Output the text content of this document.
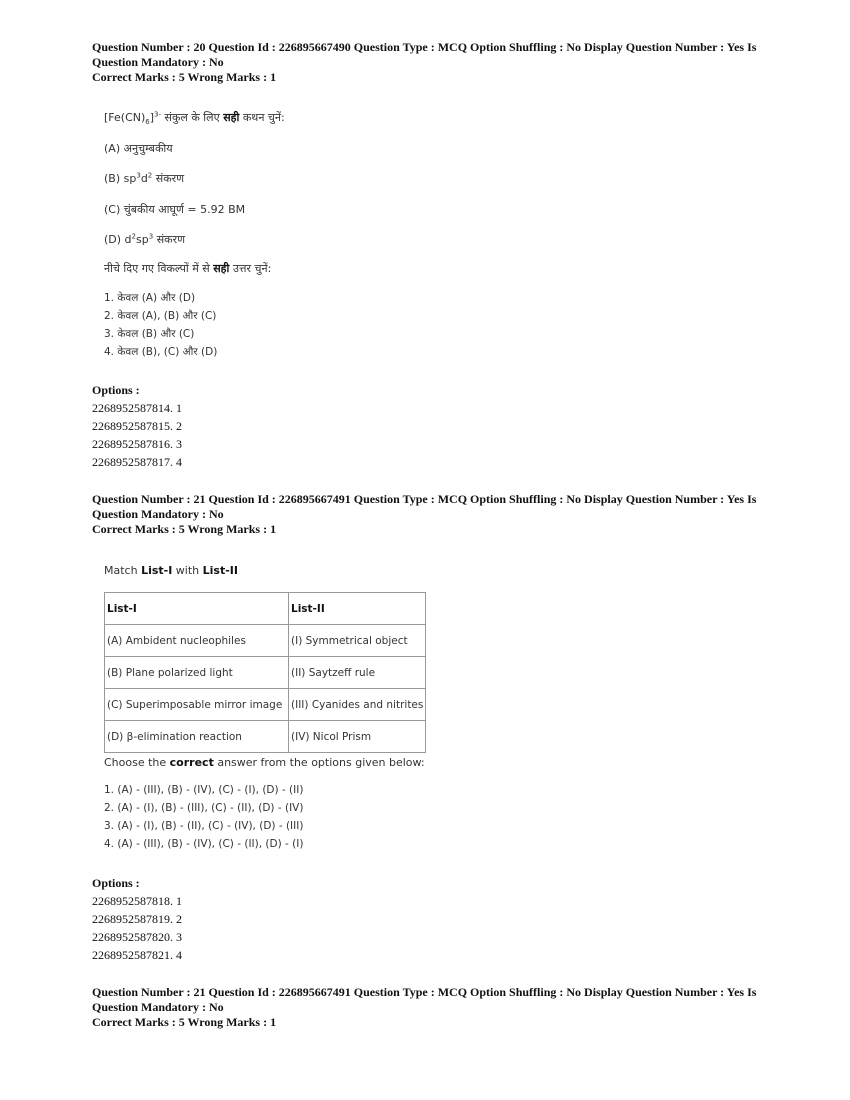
Question Number : 20 Question Id : 226895667490 Question Type : MCQ Option Shuffling : No Display Question Number : Yes Is
Question Mandatory : No
Correct Marks : 5 Wrong Marks : 1
$[Fe(CN)_6]^{3-}$ संकुल के लिए सही कथन चुनें:
(A) अनुचुम्बकीय
(B) $sp^3d^2$ संकरण
(C) चुंबकीय आघूर्ण = 5.92 BM
(D) $d^2sp^3$ संकरण
नीचे दिए गए विकल्पों में से सही उत्तर चुनें:
1. केवल (A) और (D)
2. केवल (A), (B) और (C)
3. केवल (B) और (C)
4. केवल (B), (C) और (D)
Options :
2268952587814. 1
2268952587815. 2
2268952587816. 3
2268952587817. 4
Question Number : 21 Question Id : 226895667491 Question Type : MCQ Option Shuffling : No Display Question Number : Yes Is
Question Mandatory : No
Correct Marks : 5 Wrong Marks : 1
Match List-I with List-II
List-I	List-II
(A) Ambident nucleophiles	(I) Symmetrical object
(B) Plane polarized light	(II) Saytzeff rule
(C) Superimposable mirror image	(III) Cyanides and nitrites
(D) β-elimination reaction	(IV) Nicol Prism
Choose the correct answer from the options given below:
1. (A) - (III), (B) - (IV), (C) - (I), (D) - (II)
2. (A) - (I), (B) - (III), (C) - (II), (D) - (IV)
3. (A) - (I), (B) - (II), (C) - (IV), (D) - (III)
4. (A) - (III), (B) - (IV), (C) - (II), (D) - (I)
Options :
2268952587818. 1
2268952587819. 2
2268952587820. 3
2268952587821. 4
Question Number : 21 Question Id : 226895667491 Question Type : MCQ Option Shuffling : No Display Question Number : Yes Is
Question Mandatory : No
Correct Marks : 5 Wrong Marks : 1
